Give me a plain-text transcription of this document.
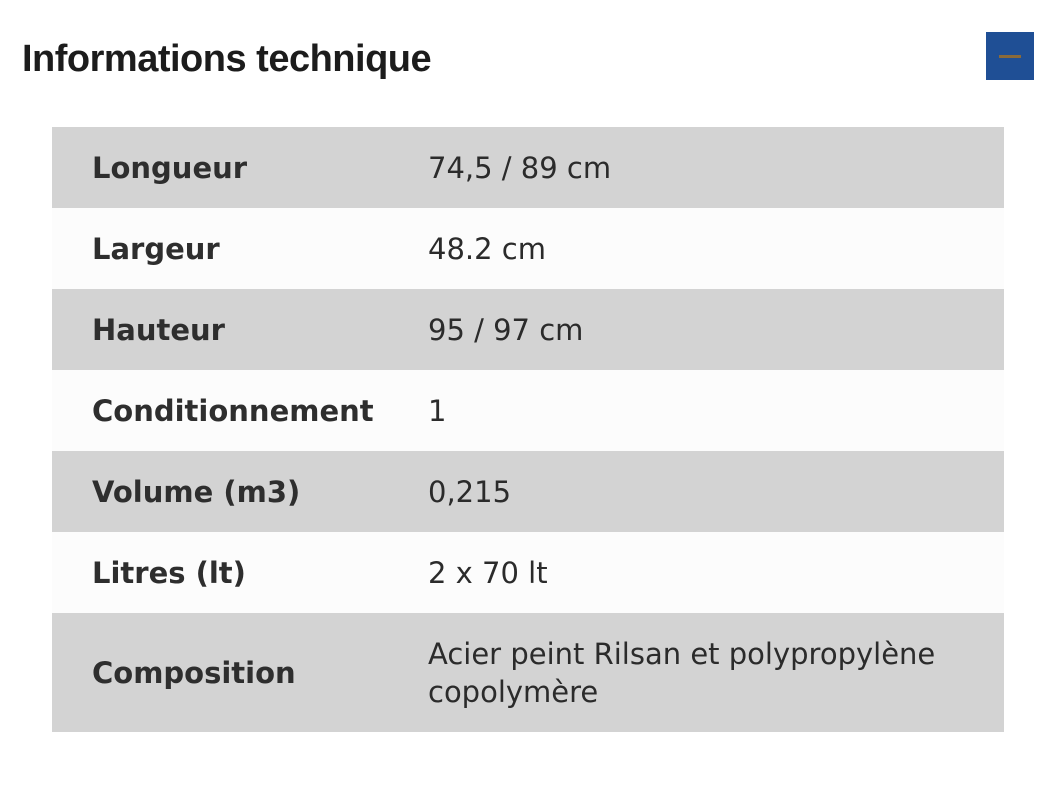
Informations technique
Longueur	74,5 / 89 cm
Largeur	48.2 cm
Hauteur	95 / 97 cm
Conditionnement	1
Volume (m3)	0,215
Litres (lt)	2 x 70 lt
Composition	Acier peint Rilsan et polypropylène copolymère
